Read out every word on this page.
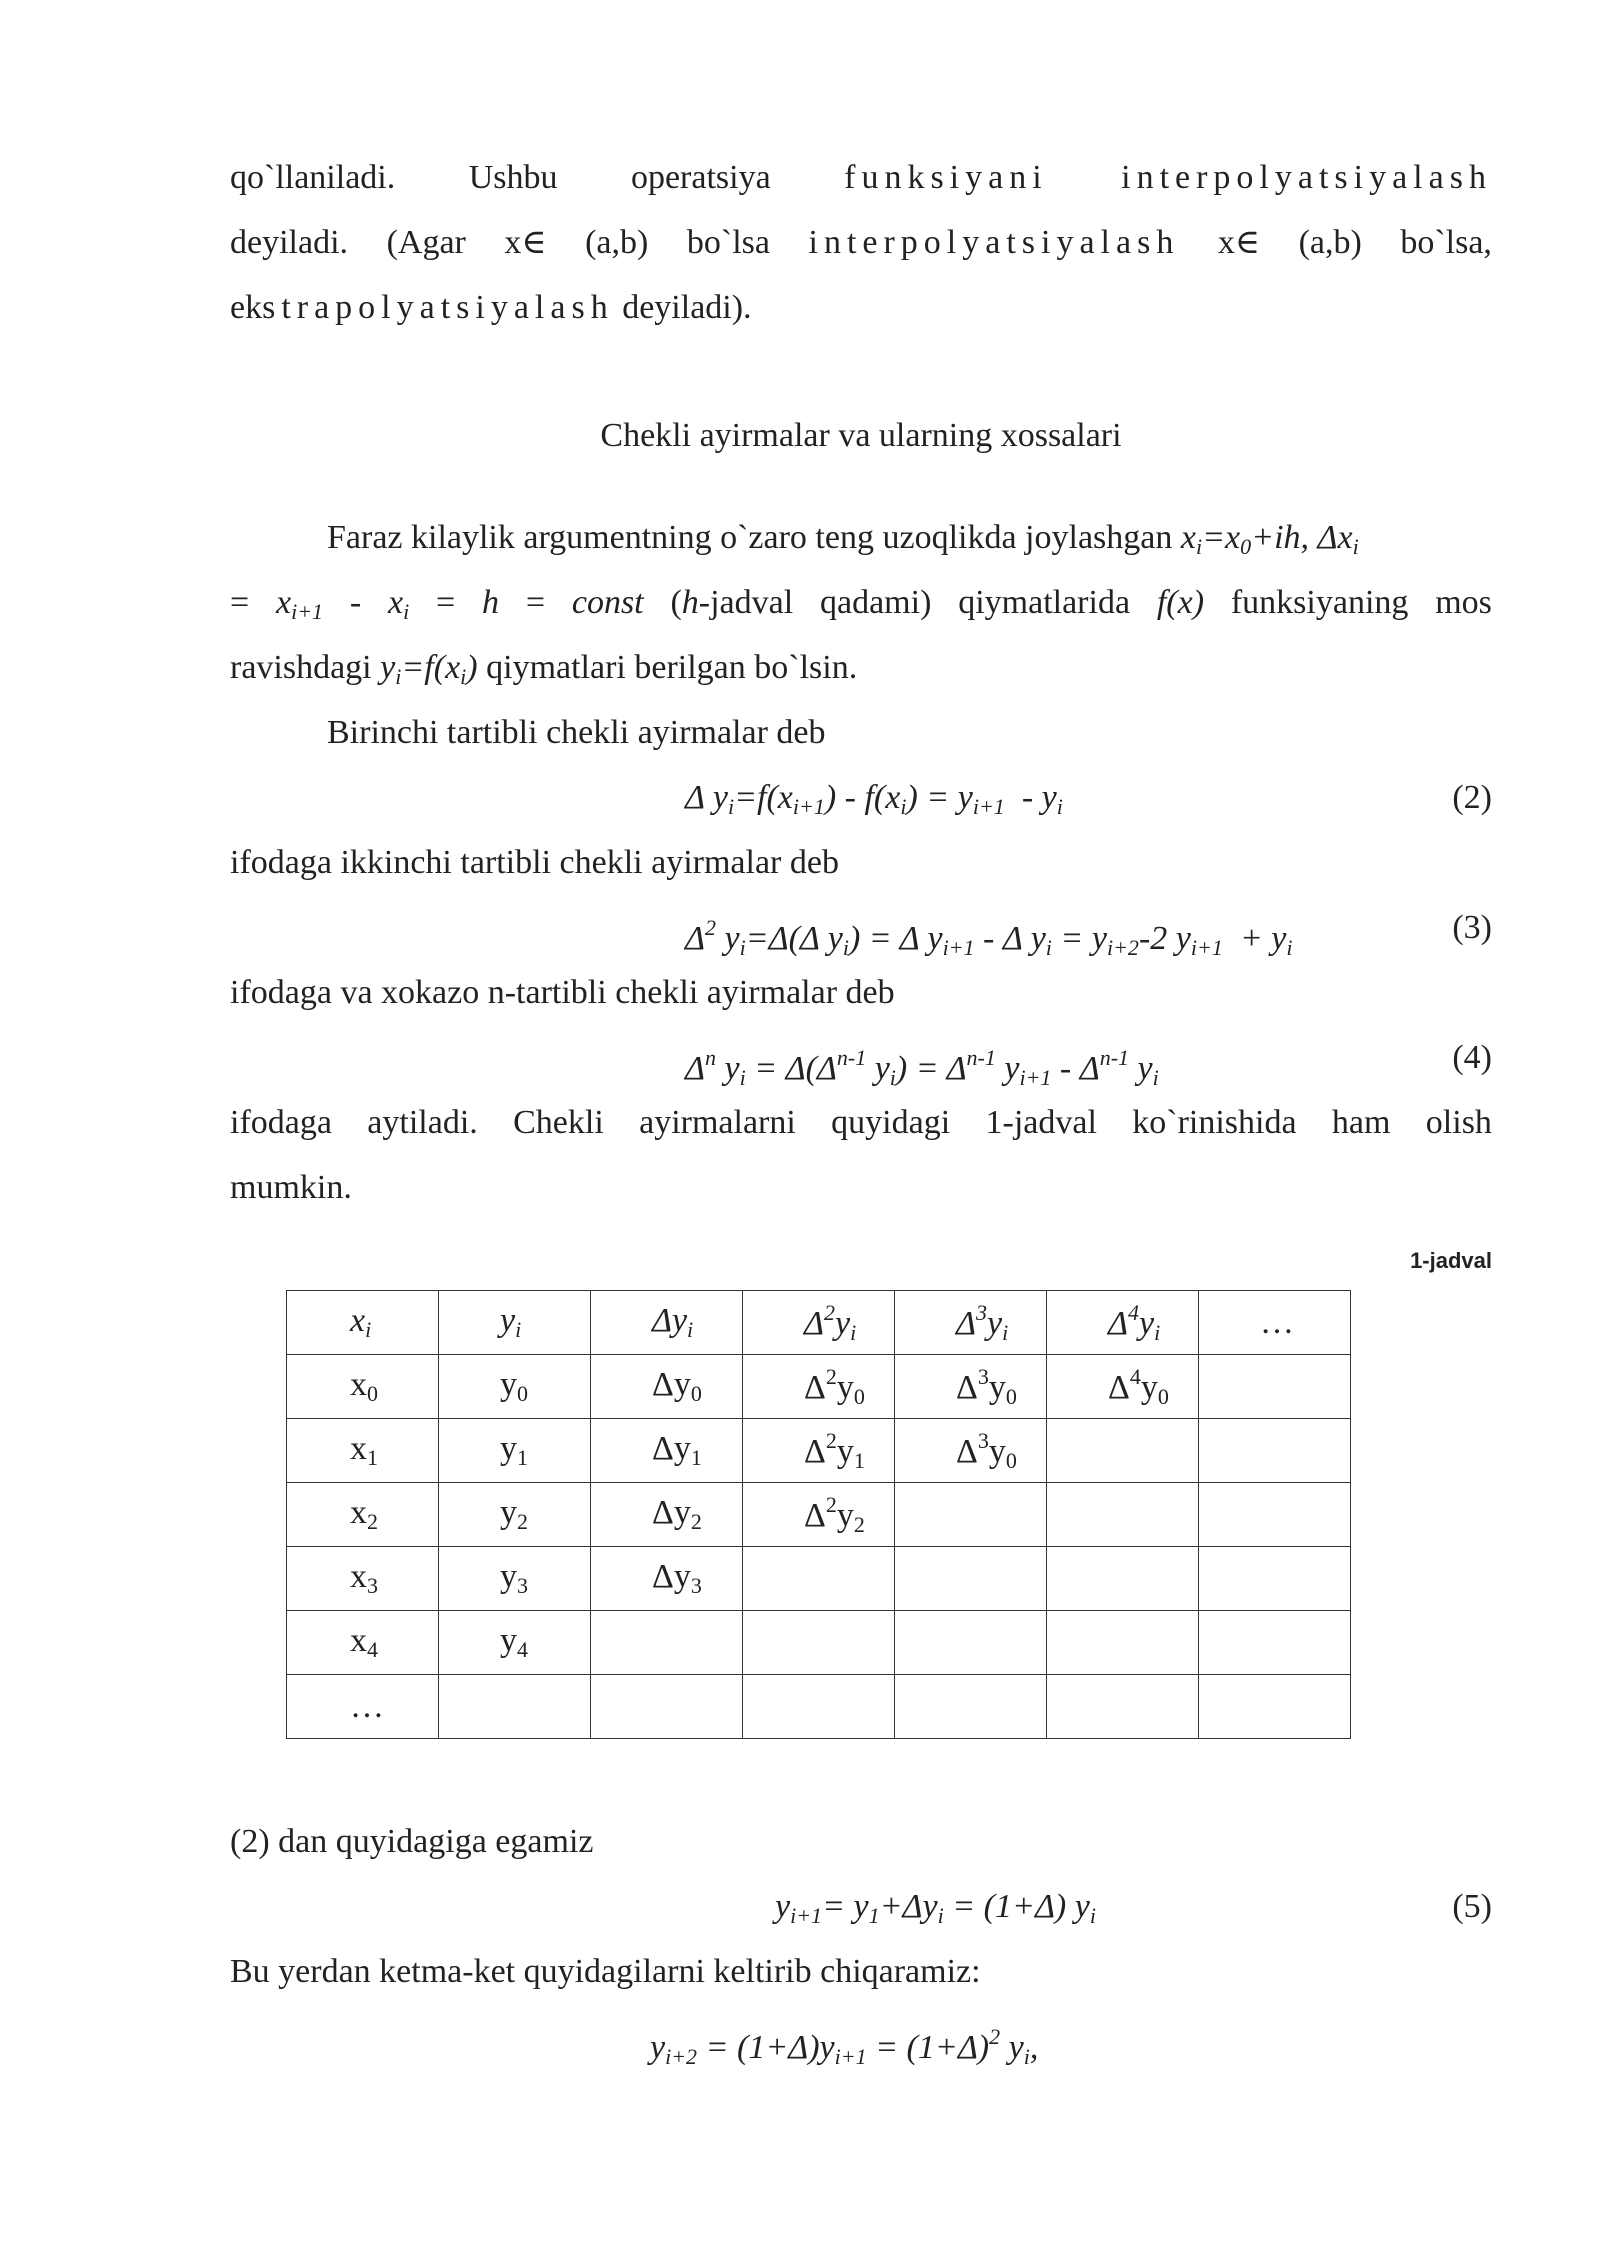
qo`llaniladi. Ushbu operatsiya funksiyani interpolyatsiyalash
deyiladi. (Agar x∈ (a,b) bo`lsa interpolyatsiyalash x∈ (a,b) bo`lsa,
ekstrapolyatsiyalash deyiladi).
Chekli ayirmalar va ularning xossalari
Faraz kilaylik argumentning o`zaro teng uzoqlikda joylashgan $x_i=x_0+ih$, $\Delta x_i$
= $x_{i+1} - x_i = h$ = const (h-jadval qadami) qiymatlarida f(x) funksiyaning mos
ravishdagi $y_i=f(x_i)$ qiymatlari berilgan bo`lsin.
Birinchi tartibli chekli ayirmalar deb
Δ $y_i=f(x_{i+1}) - f(x_i) = y_{i+1} - y_i$	(2)
ifodaga ikkinchi tartibli chekli ayirmalar deb
$\Delta^2$ $y_i=\Delta(\Delta$ $y_i) = \Delta$ $y_{i+1}$ - Δ $y_i = y_{i+2}-2$ $y_{i+1} + y_i$
(3)
ifodaga va xokazo n-tartibli chekli ayirmalar deb
$\Delta^n$ $y_i = \Delta(\Delta^{n-1}$ $y_i) = \Delta^{n-1}$ $y_{i+1} - \Delta^{n-1}$ $y_i$
(4)
ifodaga aytiladi. Chekli ayirmalarni quyidagi 1-jadval ko`rinishida ham olish
mumkin.
1-jadval
$x_i$	$y_i$	$\Delta y_i$	$\Delta^2y_i$	$\Delta^3y_i$	$\Delta^4y_i$	…
$x_0$	$y_0$	$\Delta y_0$	$\Delta^2y_0$	$\Delta^3y_0$	$\Delta^4y_0$	
$x_1$	$y_1$	$\Delta y_1$	$\Delta^2y_1$	$\Delta^3y_0$		
$x_2$	$y_2$	$\Delta y_2$	$\Delta^2y_2$			
$x_3$	$y_3$	$\Delta y_3$				
$x_4$	$y_4$					
…						
(2) dan quyidagiga egamiz
$y_{i+1}= y_1+\Delta y_i = (1+\Delta)$ $y_i$	(5)
Bu yerdan ketma-ket quyidagilarni keltirib chiqaramiz:
$y_{i+2} = (1+\Delta)y_{i+1} = (1+\Delta)^2$ $y_i$,
